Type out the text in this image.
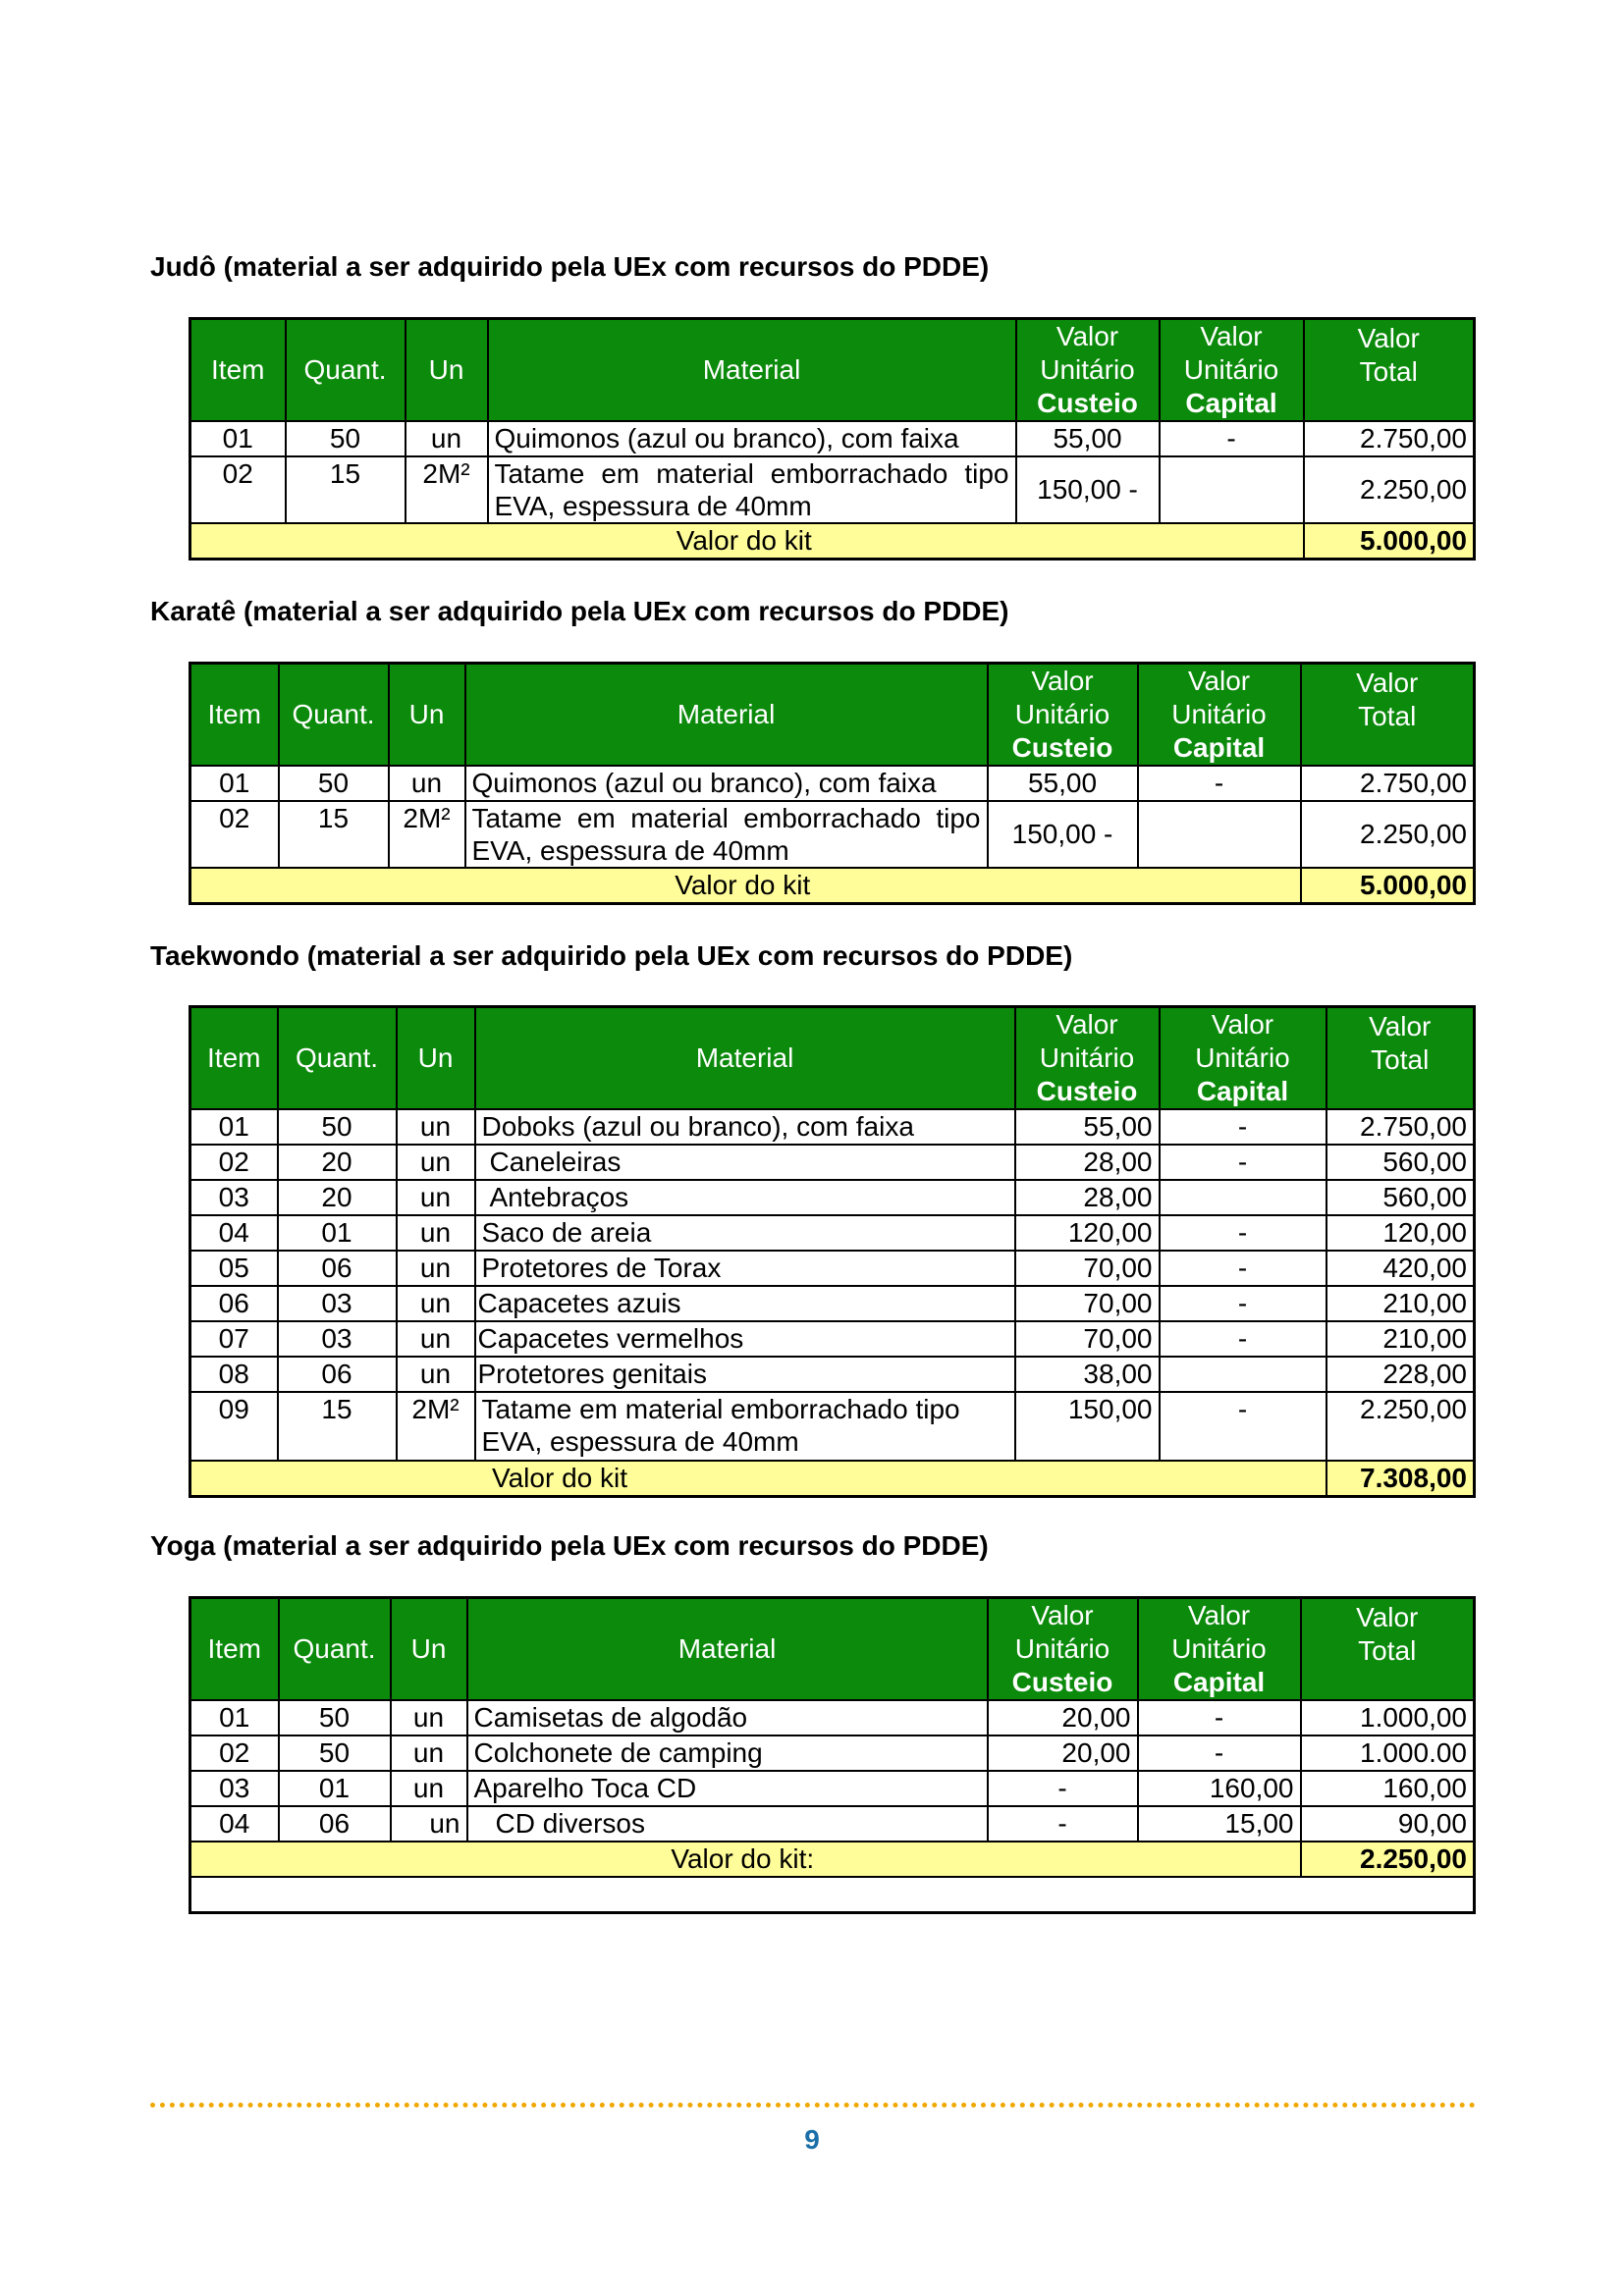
Judô (material a ser adquirido pela UEx com recursos do PDDE)
Item	Quant.	Un	Material	Valor
Unitário
Custeio	Valor
Unitário
Capital	Valor
Total

01	50	un	Quimonos (azul ou branco), com faixa	55,00	-	2.750,00
02	15	2M²	Tatame em material emborrachado tipo EVA, espessura de 40mm	150,00 -		2.250,00
Valor do kit						5.000,00
Karatê (material a ser adquirido pela UEx com recursos do PDDE)
Item	Quant.	Un	Material	Valor
Unitário
Custeio	Valor
Unitário
Capital	Valor
Total

01	50	un	Quimonos (azul ou branco), com faixa	55,00	-	2.750,00
02	15	2M²	Tatame em material emborrachado tipo EVA, espessura de 40mm	150,00 -		2.250,00
Valor do kit						5.000,00
Taekwondo (material a ser adquirido pela UEx com recursos do PDDE)
Item	Quant.	Un	Material	Valor
Unitário
Custeio	Valor
Unitário
Capital	Valor
Total

01	50	un	Doboks (azul ou branco), com faixa	55,00	-	2.750,00
02	20	un	Caneleiras	28,00	-	560,00
03	20	un	Antebraços	28,00		560,00
04	01	un	Saco de areia	120,00	-	120,00
05	06	un	Protetores de Torax	70,00	-	420,00
06	03	un	Capacetes azuis	70,00	-	210,00
07	03	un	Capacetes vermelhos	70,00	-	210,00
08	06	un	Protetores genitais	38,00		228,00
09	15	2M²	Tatame em material emborrachado tipo EVA, espessura de 40mm	150,00	-	2.250,00
Valor do kit						7.308,00
Yoga (material a ser adquirido pela UEx com recursos do PDDE)
Item	Quant.	Un	Material	Valor
Unitário
Custeio	Valor
Unitário
Capital	Valor
Total

01	50	un	Camisetas de algodão	20,00	-	1.000,00
02	50	un	Colchonete de camping	20,00	-	1.000.00
03	01	un	Aparelho Toca CD	-	160,00	160,00
04	06	un	CD diversos	-	15,00	90,00
Valor do kit:						2.250,00

9
